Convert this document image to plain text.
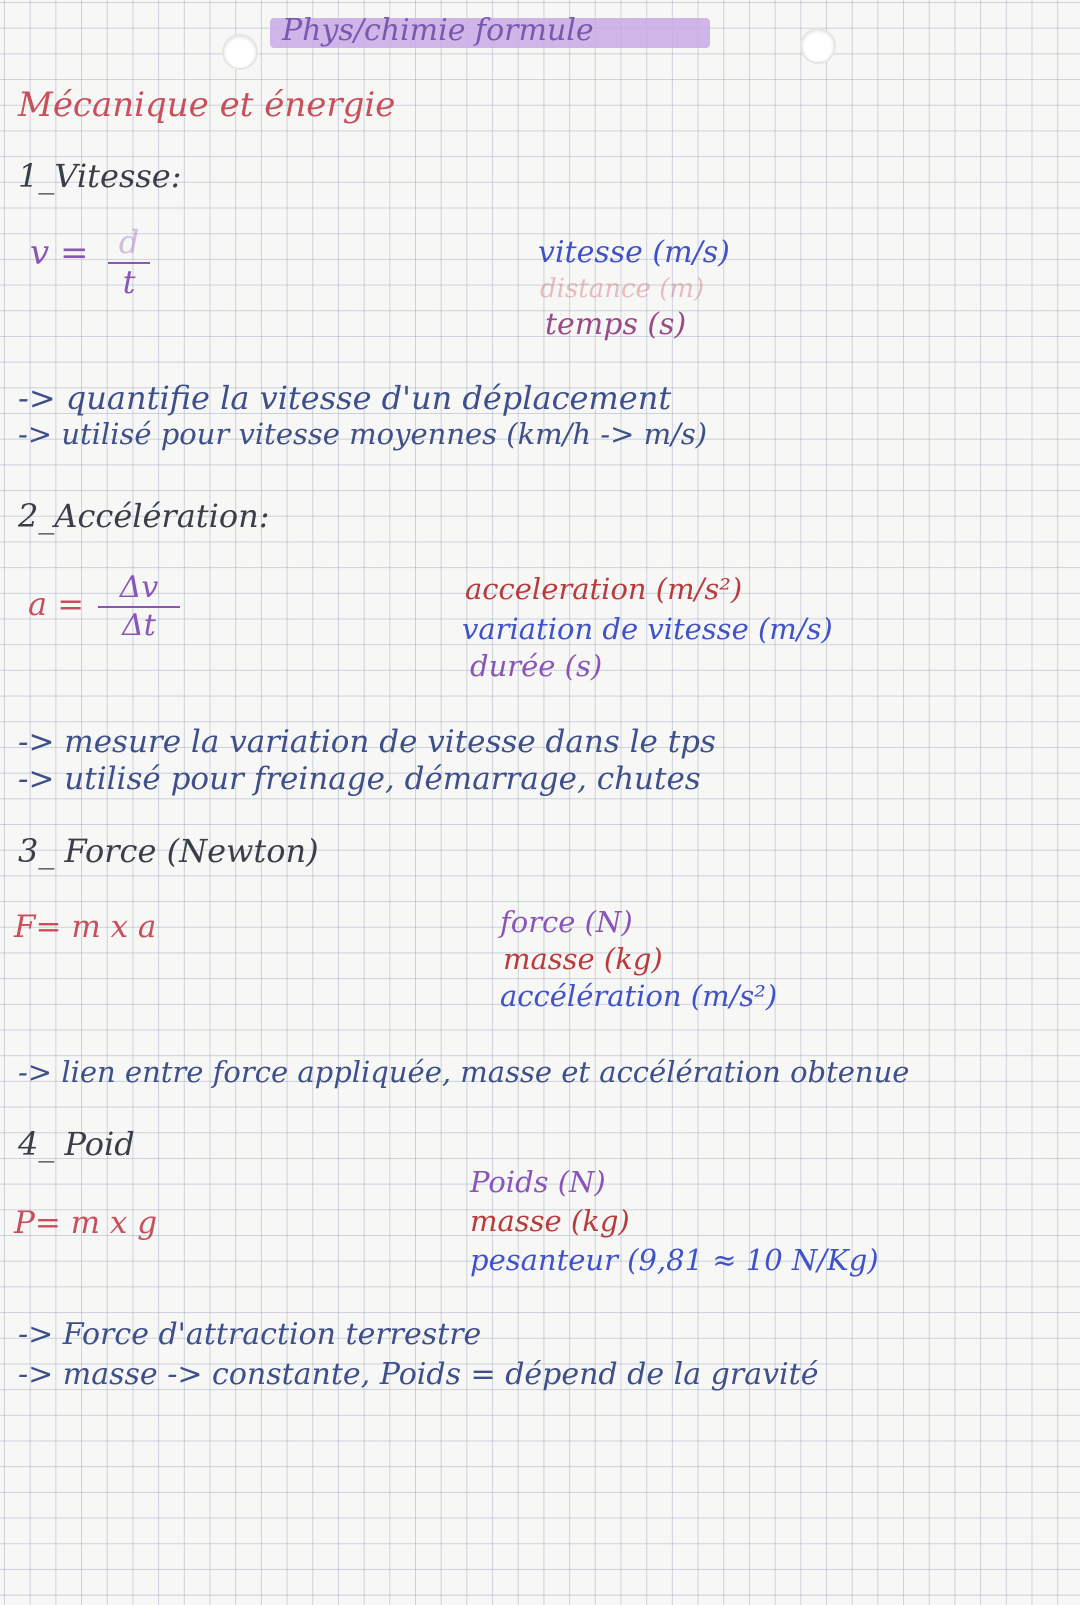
Phys/chimie formule
Mécanique et énergie
1_Vitesse:
v = d
t
vitesse (m/s)
distance (m)
temps (s)
-> quantifie la vitesse d'un déplacement
-> utilisé pour vitesse moyennes (km/h -> m/s)
2_Accélération:
a =	Δv
Δt
acceleration (m/s²)
variation de vitesse (m/s)
durée (s)
-> mesure la variation de vitesse dans le tps
-> utilisé pour freinage, démarrage, chutes
3_ Force (Newton)
F= m x a	force (N)
masse (kg)
accélération (m/s²)
-> lien entre force appliquée, masse et accélération obtenue
4_ Poid
P= m x g
Poids (N)
masse (kg)
pesanteur (9,81 ≈ 10 N/Kg)
-> Force d'attraction terrestre
-> masse -> constante, Poids = dépend de la gravité
